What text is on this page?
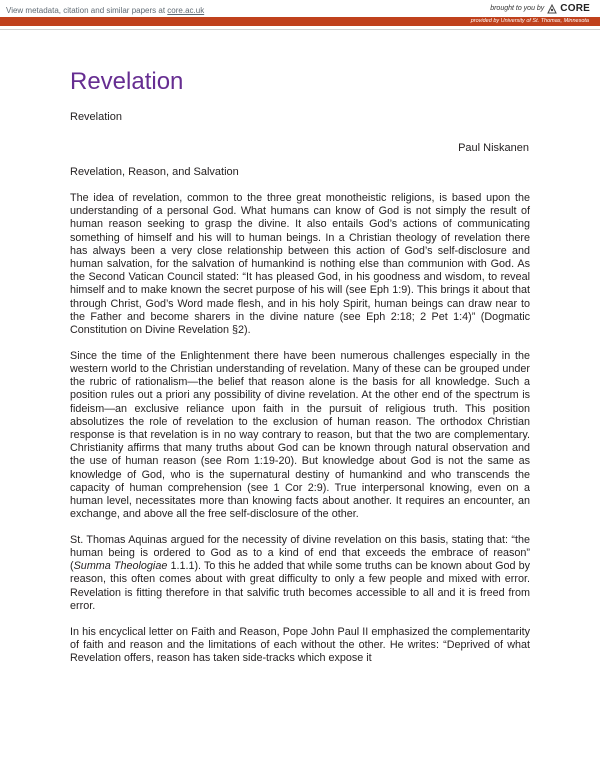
View metadata, citation and similar papers at core.ac.uk	brought to you by CORE
provided by University of St. Thomas, Minnesota
Revelation
Revelation
Paul Niskanen
Revelation, Reason, and Salvation

The idea of revelation, common to the three great monotheistic religions, is based upon the understanding of a personal God. What humans can know of God is not simply the result of human reason seeking to grasp the divine. It also entails God’s actions of communicating something of himself and his will to human beings. In a Christian theology of revelation there has always been a very close relationship between this action of God’s self-disclosure and human salvation, for the salvation of humankind is nothing else than communion with God. As the Second Vatican Council stated: “It has pleased God, in his goodness and wisdom, to reveal himself and to make known the secret purpose of his will (see Eph 1:9). This brings it about that through Christ, God’s Word made flesh, and in his holy Spirit, human beings can draw near to the Father and become sharers in the divine nature (see Eph 2:18; 2 Pet 1:4)” (Dogmatic Constitution on Divine Revelation §2).

Since the time of the Enlightenment there have been numerous challenges especially in the western world to the Christian understanding of revelation. Many of these can be grouped under the rubric of rationalism—the belief that reason alone is the basis for all knowledge. Such a position rules out a priori any possibility of divine revelation. At the other end of the spectrum is fideism—an exclusive reliance upon faith in the pursuit of religious truth. This position absolutizes the role of revelation to the exclusion of human reason. The orthodox Christian response is that revelation is in no way contrary to reason, but that the two are complementary. Christianity affirms that many truths about God can be known through natural observation and the use of human reason (see Rom 1:19-20). But knowledge about God is not the same as knowledge of God, who is the supernatural destiny of humankind and who transcends the capacity of human comprehension (see 1 Cor 2:9). True interpersonal knowing, even on a human level, necessitates more than knowing facts about another. It requires an encounter, an exchange, and above all the free self-disclosure of the other.

St. Thomas Aquinas argued for the necessity of divine revelation on this basis, stating that: “the human being is ordered to God as to a kind of end that exceeds the embrace of reason” (Summa Theologiae 1.1.1). To this he added that while some truths can be known about God by reason, this often comes about with great difficulty to only a few people and mixed with error. Revelation is fitting therefore in that salvific truth becomes accessible to all and it is freed from error.

In his encyclical letter on Faith and Reason, Pope John Paul II emphasized the complementarity of faith and reason and the limitations of each without the other. He writes: “Deprived of what Revelation offers, reason has taken side-tracks which expose it
